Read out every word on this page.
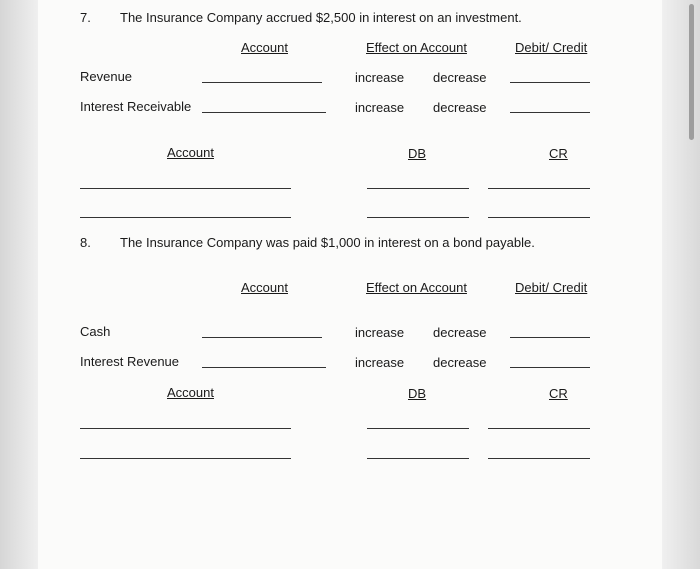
7. The Insurance Company accrued $2,500 in interest on an investment.
Account	Effect on Account	Debit/ Credit
Revenue	increase decrease
Interest Receivable	increase decrease
Account	DB	CR
8. The Insurance Company was paid $1,000 in interest on a bond payable.
Account	Effect on Account	Debit/ Credit
Cash	increase decrease
Interest Revenue	increase decrease
Account	DB	CR
